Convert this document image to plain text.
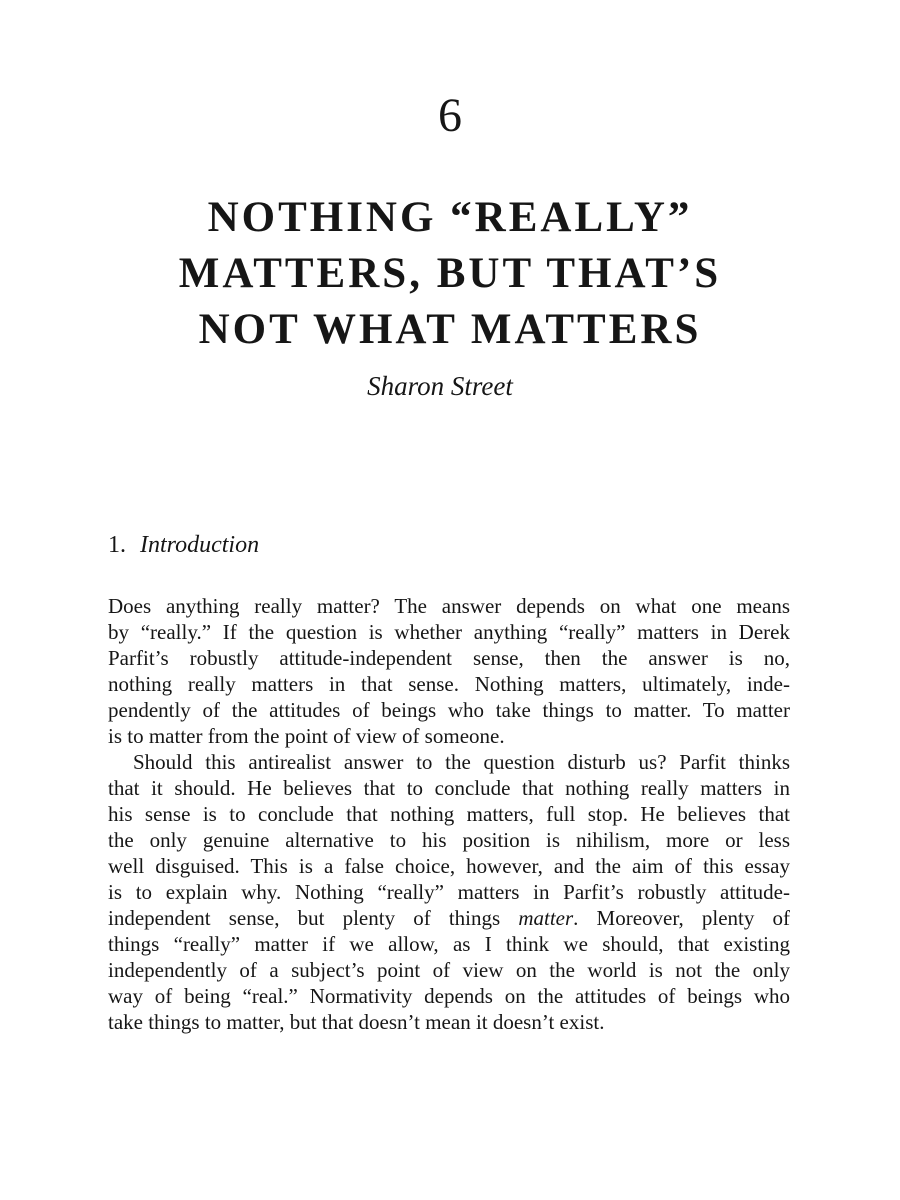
6
NOTHING “REALLY”
MATTERS, BUT THAT’S
NOT WHAT MATTERS
Sharon Street
1. Introduction

Does anything really matter? The answer depends on what one means
by “really.” If the question is whether anything “really” matters in Derek
Parfit’s robustly attitude-independent sense, then the answer is no,
nothing really matters in that sense. Nothing matters, ultimately, inde-
pendently of the attitudes of beings who take things to matter. To matter
is to matter from the point of view of someone.

Should this antirealist answer to the question disturb us? Parfit thinks
that it should. He believes that to conclude that nothing really matters in
his sense is to conclude that nothing matters, full stop. He believes that
the only genuine alternative to his position is nihilism, more or less
well disguised. This is a false choice, however, and the aim of this essay
is to explain why. Nothing “really” matters in Parfit’s robustly attitude-
independent sense, but plenty of things matter. Moreover, plenty of
things “really” matter if we allow, as I think we should, that existing
independently of a subject’s point of view on the world is not the only
way of being “real.” Normativity depends on the attitudes of beings who
take things to matter, but that doesn’t mean it doesn’t exist.
